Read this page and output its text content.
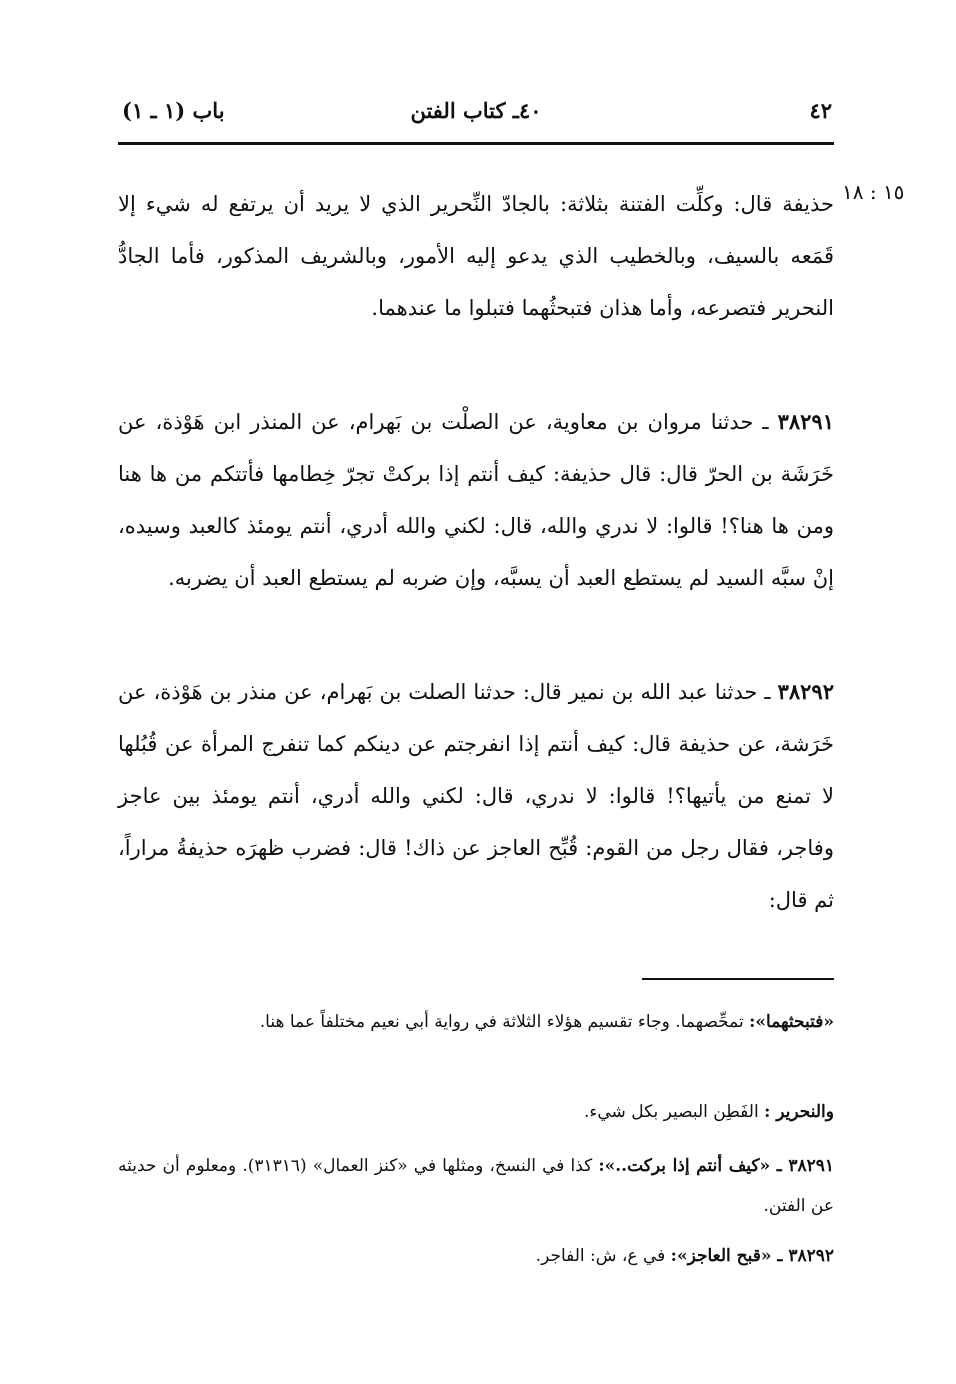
٤٢
٤٠ـ كتاب الفتن
باب (١ ـ ١)
١٥ : ١٨
حذيفة قال: وكلِّت الفتنة بثلاثة: بالجادّ النِّحرير الذي لا يريد أن يرتفع له شيء إلا قَمَعه بالسيف، وبالخطيب الذي يدعو إليه الأمور، وبالشريف المذكور، فأما الجادُّ النحرير فتصرعه، وأما هذان فتبحثُهما فتبلوا ما عندهما.
٣٨٢٩١ ـ حدثنا مروان بن معاوية، عن الصلْت بن بَهرام، عن المنذر ابن هَوْذة، عن خَرَشَة بن الحرّ قال: قال حذيفة: كيف أنتم إذا بركتْ تجرّ خِطامها فأتتكم من ها هنا ومن ها هنا؟! قالوا: لا ندري والله، قال: لكني والله أدري، أنتم يومئذ كالعبد وسيده، إنْ سبَّه السيد لم يستطع العبد أن يسبَّه، وإن ضربه لم يستطع العبد أن يضربه.
٣٨٢٩٢ ـ حدثنا عبد الله بن نمير قال: حدثنا الصلت بن بَهرام، عن منذر بن هَوْذة، عن خَرَشة، عن حذيفة قال: كيف أنتم إذا انفرجتم عن دينكم كما تنفرج المرأة عن قُبُلها لا تمنع من يأتيها؟! قالوا: لا ندري، قال: لكني والله أدري، أنتم يومئذ بين عاجز وفاجر، فقال رجل من القوم: قُبِّح العاجز عن ذاك! قال: فضرب ظهرَه حذيفةُ مراراً، ثم قال:
«فتبحثهما»: تمحِّصهما. وجاء تقسيم هؤلاء الثلاثة في رواية أبي نعيم مختلفاً عما هنا.
والنحرير : الفَطِن البصير بكل شيء.
٣٨٢٩١ ـ «كيف أنتم إذا بركت..»: كذا في النسخ، ومثلها في «كنز العمال» (٣١٣١٦). ومعلوم أن حديثه عن الفتن.
٣٨٢٩٢ ـ «قبح العاجز»: في ع، ش: الفاجر.
